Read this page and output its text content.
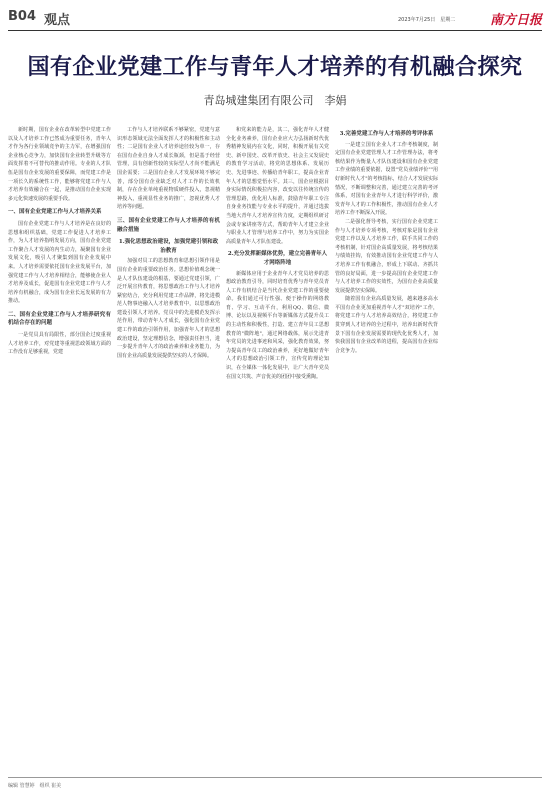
B04 观点	2023年7月25日　星期二	南方日报
国有企业党建工作与青年人才培养的有机融合探究
青岛城建集团有限公司　李娟

新时期，国有企业在改革转型中党建工作以及人才培养工作已然成为重要任务，青年人才作为各行业领域竞争的主力军，在增强国有企业核心竞争力，加快国有企业转型升级等方面发挥着不可替代的推动作用。专业的人才队伍是国有企业发展的重要保障，而党建工作是一项长久的系统性工作，能够将党建工作与人才培养有效融合在一起，是推动国有企业实现多元化快速发展的重要手段。

一、国有企业党建工作与人才培养关系

国有企业党建工作与人才培养是在良好的思想和组织基础，党建工作促进人才培养工作，为人才培养指明发展方向，国有企业党建工作聚合人才发展的内生动力，凝聚国有企业发展文化，吸引人才聚集到国有企业发展中来。人才培养需要依托国有企业发展平台，加强党建工作与人才培养相结合，能够使企业人才培养及成长，促进国有企业党建工作与人才培养有机融合，成为国有企业长远发展的有力推动。

二、国有企业党建工作与人才培养研究有机结合存在的问题

一是党员具有局限性，部分国企过度重视人才培养工作，对党建等重视思政领域方面的工作没有足够重视，党建

工作与人才培养联系不够紧密，党建与意识形态领域无法全面发挥人才的积极性和主动性；二是国有企业人才培养途径较为单一，存在国有企业自身人才成长瓶颈，但是基于经营管理，具有创新性较的实际型人才尚不能满足国企需要；三是国有企业人才发展环境不够完善，部分国有企业缺乏对人才工作的长效机制，存在企业单纯重视物质硬件投入，忽视精神投入，重视显性业务的推广，忽视优秀人才培养等问题。

三、国有企业党建工作与人才培养的有机融合措施
1.强化思想政治建设，加强党建引领和政治教育

加强对员工的思想教育和思想引领作用是国有企业的重要政治任务。思想价值观念统一是人才队伍建设的根基，要通过党建引领，广泛开展宣传教育，将思想政治工作与人才培养紧密结合，充分利用党建工作品牌，将先进模范人物事迹融入人才培养教育中，以思想政治建设引领人才培养。党员中的先进模范发挥示范作用，带动青年人才成长，强化国有企业党建工作的政治引领作用，加强青年人才的思想政治建设，坚定理想信念，增强责任担当，进一步提升青年人才的政治素养和业务能力，为国有企业高质量发展提供坚实的人才保障。

和党来的能力是，其二，强化青年人才健全化业务素养，国有企业应大力弘扬新时代优秀精神发展内在文化，同时，积极开展有关党史、新中国史、改革开放史、社会主义发展史的教育学习活动，将党的思想体系、发展历史、先进事迹、传播给青年职工，提高企业青年人才的思想觉悟水平。其三，国企应根据目身实际情况积极拉内容，改变以往传统宣传的管理思路，优化用人标准，鼓励青年职工专注自身业务技能与专业水平的提升，并通过选拔当地大青年人才培养宣传力度，定期组织研讨会或专家讲座等方式，帮助青年人才建立企业与职业人才管理与培养工作中，努力为实国企高质量青年人才队伍建设。

2.充分发挥新媒体优势，建立完善青年人才网络阵地

新媒体应用于企业青年人才党员培养的思想政治教育引导，同时培育优秀与青年党员青人工作有机结合是当代企业党建工作的重要使命。我们通过可行性强、便于操作的网络教育、学习、互动平台，利用QQ、微信、微博、论坛以及视频平台等新媒体方式提升员工的主动性和积极性，打造、建立青年员工思想教育的"微阵地"，通过网络载体，展示先进青年党员的先进事迹和风采，强化教育效果，努力提高青年员工的政治素养，更好地做好青年人才的思想政治引领工作，宣传党的理论知识，在全媒体一体化发展中，让广大青年党员在国文共筑、声音优美的团团中接受熏陶。

3.完善党建工作与人才培养的考评体系

一是建立国有企业人才工作考核制度，制定国有企业党建管理人才工作管理办法，将考核结果作为衡量人才队伍建设和国有企业党建工作业绩的重要依据，设置"党员业绩评价""用好新时代人才"的考核指标，结合人才发展实际情况，不断调整和完善，通过建立完善的考评体系，对国有企业青年人才进行科学评价，激发青年人才的工作积极性，推动国有企业人才培养工作不断深入开展。

二是强化督导考核，实行国有企业党建工作与人才培养专项考核，考核对象是国有企业党建工作以及人才培养工作，联手共同工作的考核机制，针对国企高质量发展，将考核结果与绩效挂钩，有效推动国有企业党建工作与人才培养工作有机融合，形成上下联动、齐抓共管的良好局面，进一步提高国有企业党建工作与人才培养工作的实效性，为国有企业高质量发展提供坚实保障。

随着国有企业高质量发展，越来越多高水平国有企业更加重视青年人才"双培养"工作，将党建工作与人才培养高效结合，将党建工作贯穿到人才培养的全过程中，培养出新时代背景下国有企业发展需要的现代化优秀人才，加快我国国有企业改革的进程，提高国有企业综合竞争力。

编辑 管慧婷　组织 崔美
